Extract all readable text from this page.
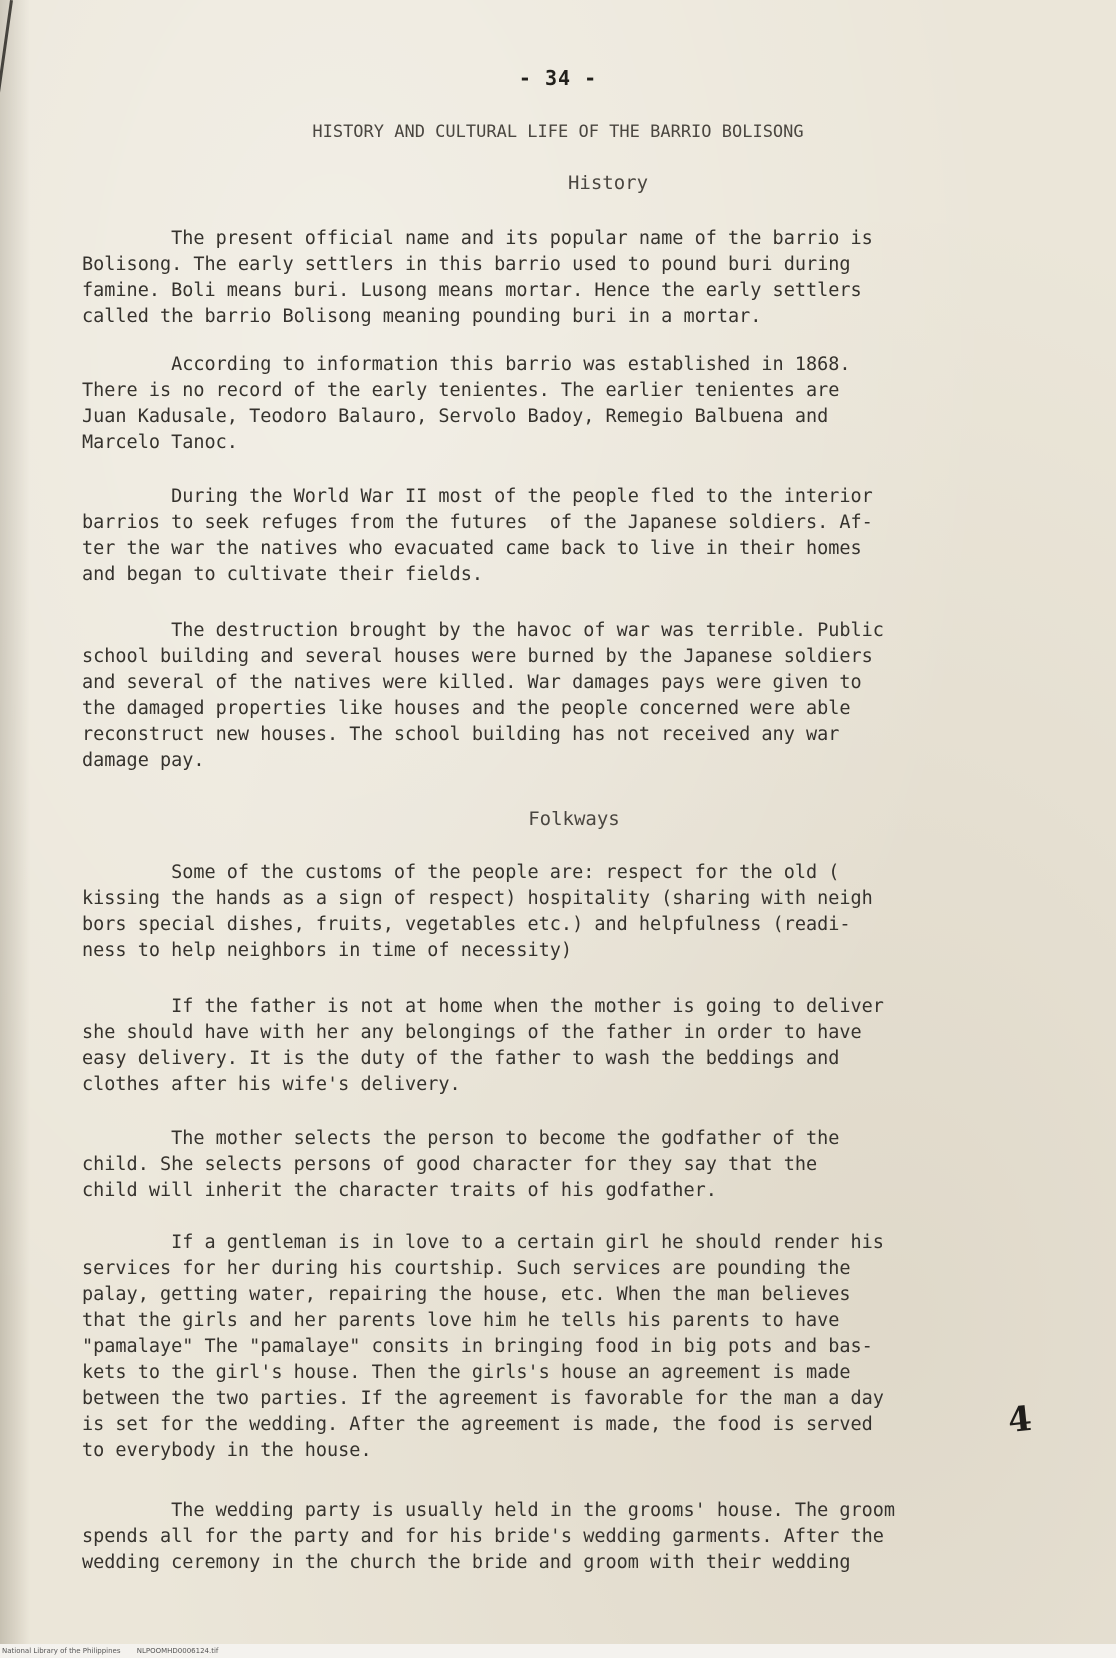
- 34 -
HISTORY AND CULTURAL LIFE OF THE BARRIO BOLISONG
History
The present official name and its popular name of the barrio is
Bolisong. The early settlers in this barrio used to pound buri during
famine. Boli means buri. Lusong means mortar. Hence the early settlers
called the barrio Bolisong meaning pounding buri in a mortar.
According to information this barrio was established in 1868.
There is no record of the early tenientes. The earlier tenientes are
Juan Kadusale, Teodoro Balauro, Servolo Badoy, Remegio Balbuena and
Marcelo Tanoc.
During the World War II most of the people fled to the interior
barrios to seek refuges from the futures  of the Japanese soldiers. Af-
ter the war the natives who evacuated came back to live in their homes
and began to cultivate their fields.
The destruction brought by the havoc of war was terrible. Public
school building and several houses were burned by the Japanese soldiers
and several of the natives were killed. War damages pays were given to
the damaged properties like houses and the people concerned were able
reconstruct new houses. The school building has not received any war
damage pay.
Folkways
Some of the customs of the people are: respect for the old (
kissing the hands as a sign of respect) hospitality (sharing with neigh
bors special dishes, fruits, vegetables etc.) and helpfulness (readi-
ness to help neighbors in time of necessity)
If the father is not at home when the mother is going to deliver
she should have with her any belongings of the father in order to have
easy delivery. It is the duty of the father to wash the beddings and
clothes after his wife's delivery.
The mother selects the person to become the godfather of the
child. She selects persons of good character for they say that the
child will inherit the character traits of his godfather.
If a gentleman is in love to a certain girl he should render his
services for her during his courtship. Such services are pounding the
palay, getting water, repairing the house, etc. When the man believes
that the girls and her parents love him he tells his parents to have
"pamalaye" The "pamalaye" consits in bringing food in big pots and bas-
kets to the girl's house. Then the girls's house an agreement is made
between the two parties. If the agreement is favorable for the man a day
is set for the wedding. After the agreement is made, the food is served
to everybody in the house.
The wedding party is usually held in the grooms' house. The groom
spends all for the party and for his bride's wedding garments. After the
wedding ceremony in the church the bride and groom with their wedding
4
National Library of the Philippines NLPOOMHD0006124.tif
